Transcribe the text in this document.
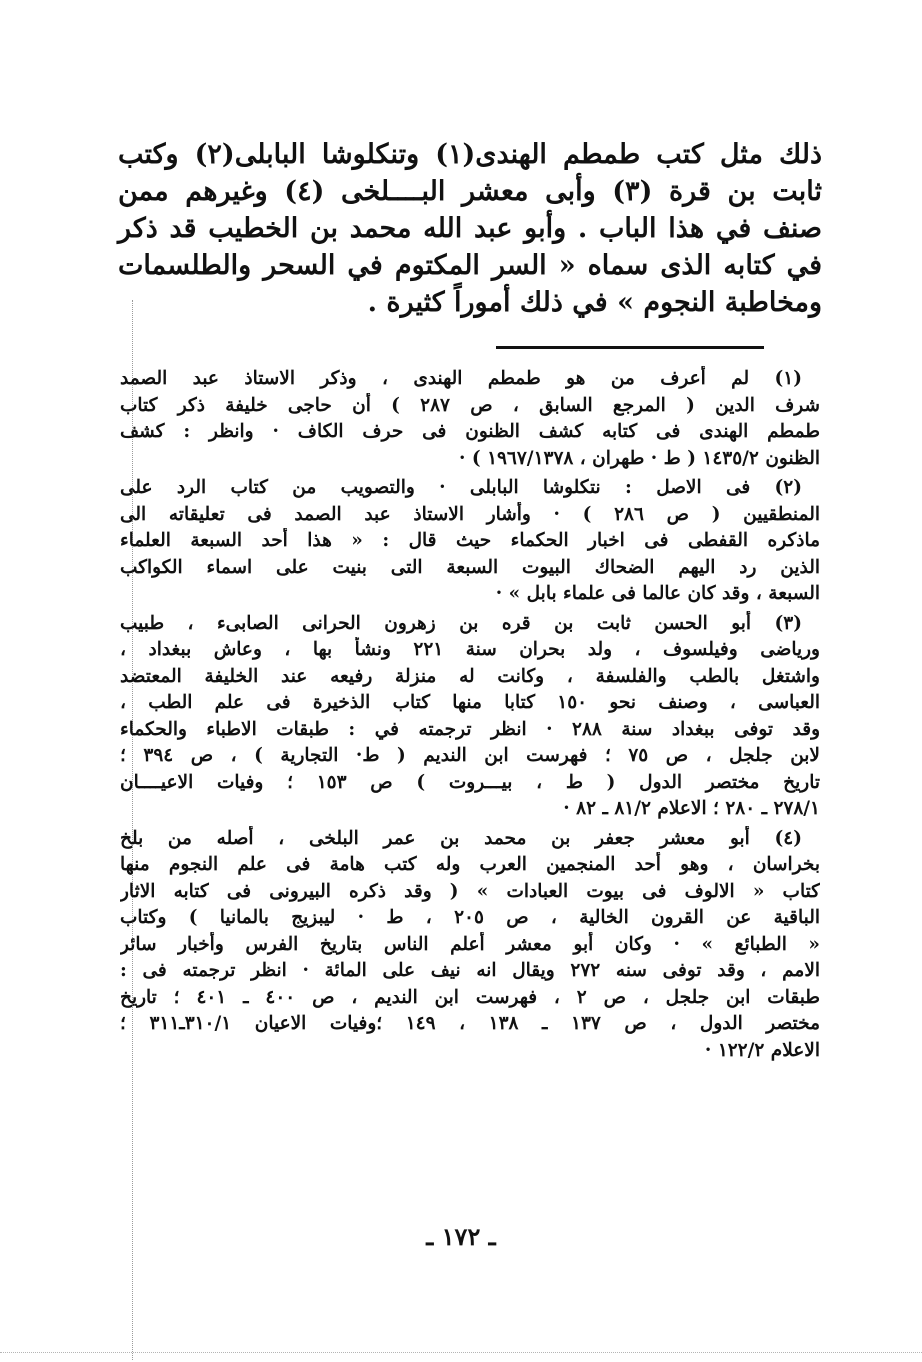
ذلك مثل كتب طمطم الهندى(١) وتنكلوشا البابلى(٢) وكتب
ثابت بن قرة (٣) وأبى معشر البــــلخى (٤) وغيرهم ممن
صنف في هذا الباب . وأبو عبد الله محمد بن الخطيب قد ذكر
في كتابه الذى سماه « السر المكتوم في السحر والطلسمات
ومخاطبة النجوم » في ذلك أموراً كثيرة .
(١) لم أعرف من هو طمطم الهندى ، وذكر الاستاذ عبد الصمد
شرف الدين ( المرجع السابق ، ص ٢٨٧ ) أن حاجى خليفة ذكر كتاب
طمطم الهندى فى كتابه كشف الظنون فى حرف الكاف · وانظر : كشف
الظنون ١٤٣٥/٢ ( ط · طهران ، ١٩٦٧/١٣٧٨ ) ·
(٢) فى الاصل : نتكلوشا البابلى · والتصويب من كتاب الرد على
المنطقيين ( ص ٢٨٦ ) · وأشار الاستاذ عبد الصمد فى تعليقاته الى
ماذكره القفطى فى اخبار الحكماء حيث قال : « هذا أحد السبعة العلماء
الذين رد اليهم الضحاك البيوت السبعة التى بنيت على اسماء الكواكب
السبعة ، وقد كان عالما فى علماء بابل » ·
(٣) أبو الحسن ثابت بن قره بن زهرون الحرانى الصابىء ، طبيب
ورياضى وفيلسوف ، ولد بحران سنة ٢٢١ ونشأ بها ، وعاش ببغداد ،
واشتغل بالطب والفلسفة ، وكانت له منزلة رفيعه عند الخليفة المعتضد
العباسى ، وصنف نحو ١٥٠ كتابا منها كتاب الذخيرة فى علم الطب ،
وقد توفى ببغداد سنة ٢٨٨ · انظر ترجمته في : طبقات الاطباء والحكماء
لابن جلجل ، ص ٧٥ ؛ فهرست ابن النديم ( ط· التجارية ) ، ص ٣٩٤ ؛
تاريخ مختصر الدول ( ط ، بيـــروت ) ص ١٥٣ ؛ وفيات الاعيــــان
٢٧٨/١ ـ ٢٨٠ ؛ الاعلام ٨١/٢ ـ ٨٢ ·
(٤) أبو معشر جعفر بن محمد بن عمر البلخى ، أصله من بلخ
بخراسان ، وهو أحد المنجمين العرب وله كتب هامة فى علم النجوم منها
كتاب « الالوف فى بيوت العبادات » ( وقد ذكره البيرونى فى كتابه الاثار
الباقية عن القرون الخالية ، ص ٢٠٥ ، ط · ليبزيج بالمانيا ) وكتاب
« الطبائع » · وكان أبو معشر أعلم الناس بتاريخ الفرس وأخبار سائر
الامم ، وقد توفى سنه ٢٧٢ ويقال انه نيف على المائة · انظر ترجمته فى :
طبقات ابن جلجل ، ص ٢ ، فهرست ابن النديم ، ص ٤٠٠ ـ ٤٠١ ؛ تاريخ
مختصر الدول ، ص ١٣٧ ـ ١٣٨ ، ١٤٩ ؛وفيات الاعيان ٣١٠/١ـ٣١١ ؛
الاعلام ١٢٢/٢ ·
ـ ١٧٢ ـ
